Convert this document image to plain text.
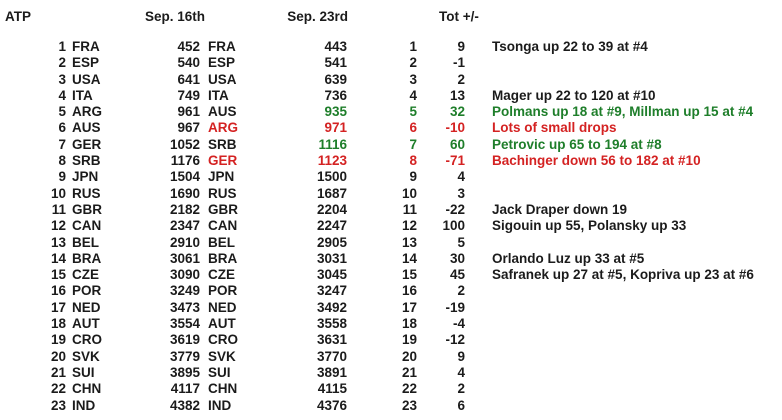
ATP	Sep. 16th	Sep. 23rd	Tot +/-
1 FRA	452 FRA	443	1	9 Tsonga up 22 to 39 at #4
2 ESP	540 ESP	541	2	-1
3 USA	641 USA	639	3	2
4 ITA	749 ITA	736	4	13 Mager up 22 to 120 at #10
5 ARG	961 AUS	935	5	32 Polmans up 18 at #9, Millman up 15 at #4
6 AUS	967 ARG	971	6	-10 Lots of small drops
7 GER	1052 SRB	1116	7	60 Petrovic up 65 to 194 at #8
8 SRB	1176 GER	1123	8	-71 Bachinger down 56 to 182 at #10
9 JPN	1504 JPN	1500	9	4
10 RUS	1690 RUS	1687	10	3
11 GBR	2182 GBR	2204	11	-22 Jack Draper down 19
12 CAN	2347 CAN	2247	12	100 Sigouin up 55, Polansky up 33
13 BEL	2910 BEL	2905	13	5
14 BRA	3061 BRA	3031	14	30 Orlando Luz up 33 at #5
15 CZE	3090 CZE	3045	15	45 Safranek up 27 at #5, Kopriva up 23 at #6
16 POR	3249 POR	3247	16	2
17 NED	3473 NED	3492	17	-19
18 AUT	3554 AUT	3558	18	-4
19 CRO	3619 CRO	3631	19	-12
20 SVK	3779 SVK	3770	20	9
21 SUI	3895 SUI	3891	21	4
22 CHN	4117 CHN	4115	22	2
23 IND	4382 IND	4376	23	6
